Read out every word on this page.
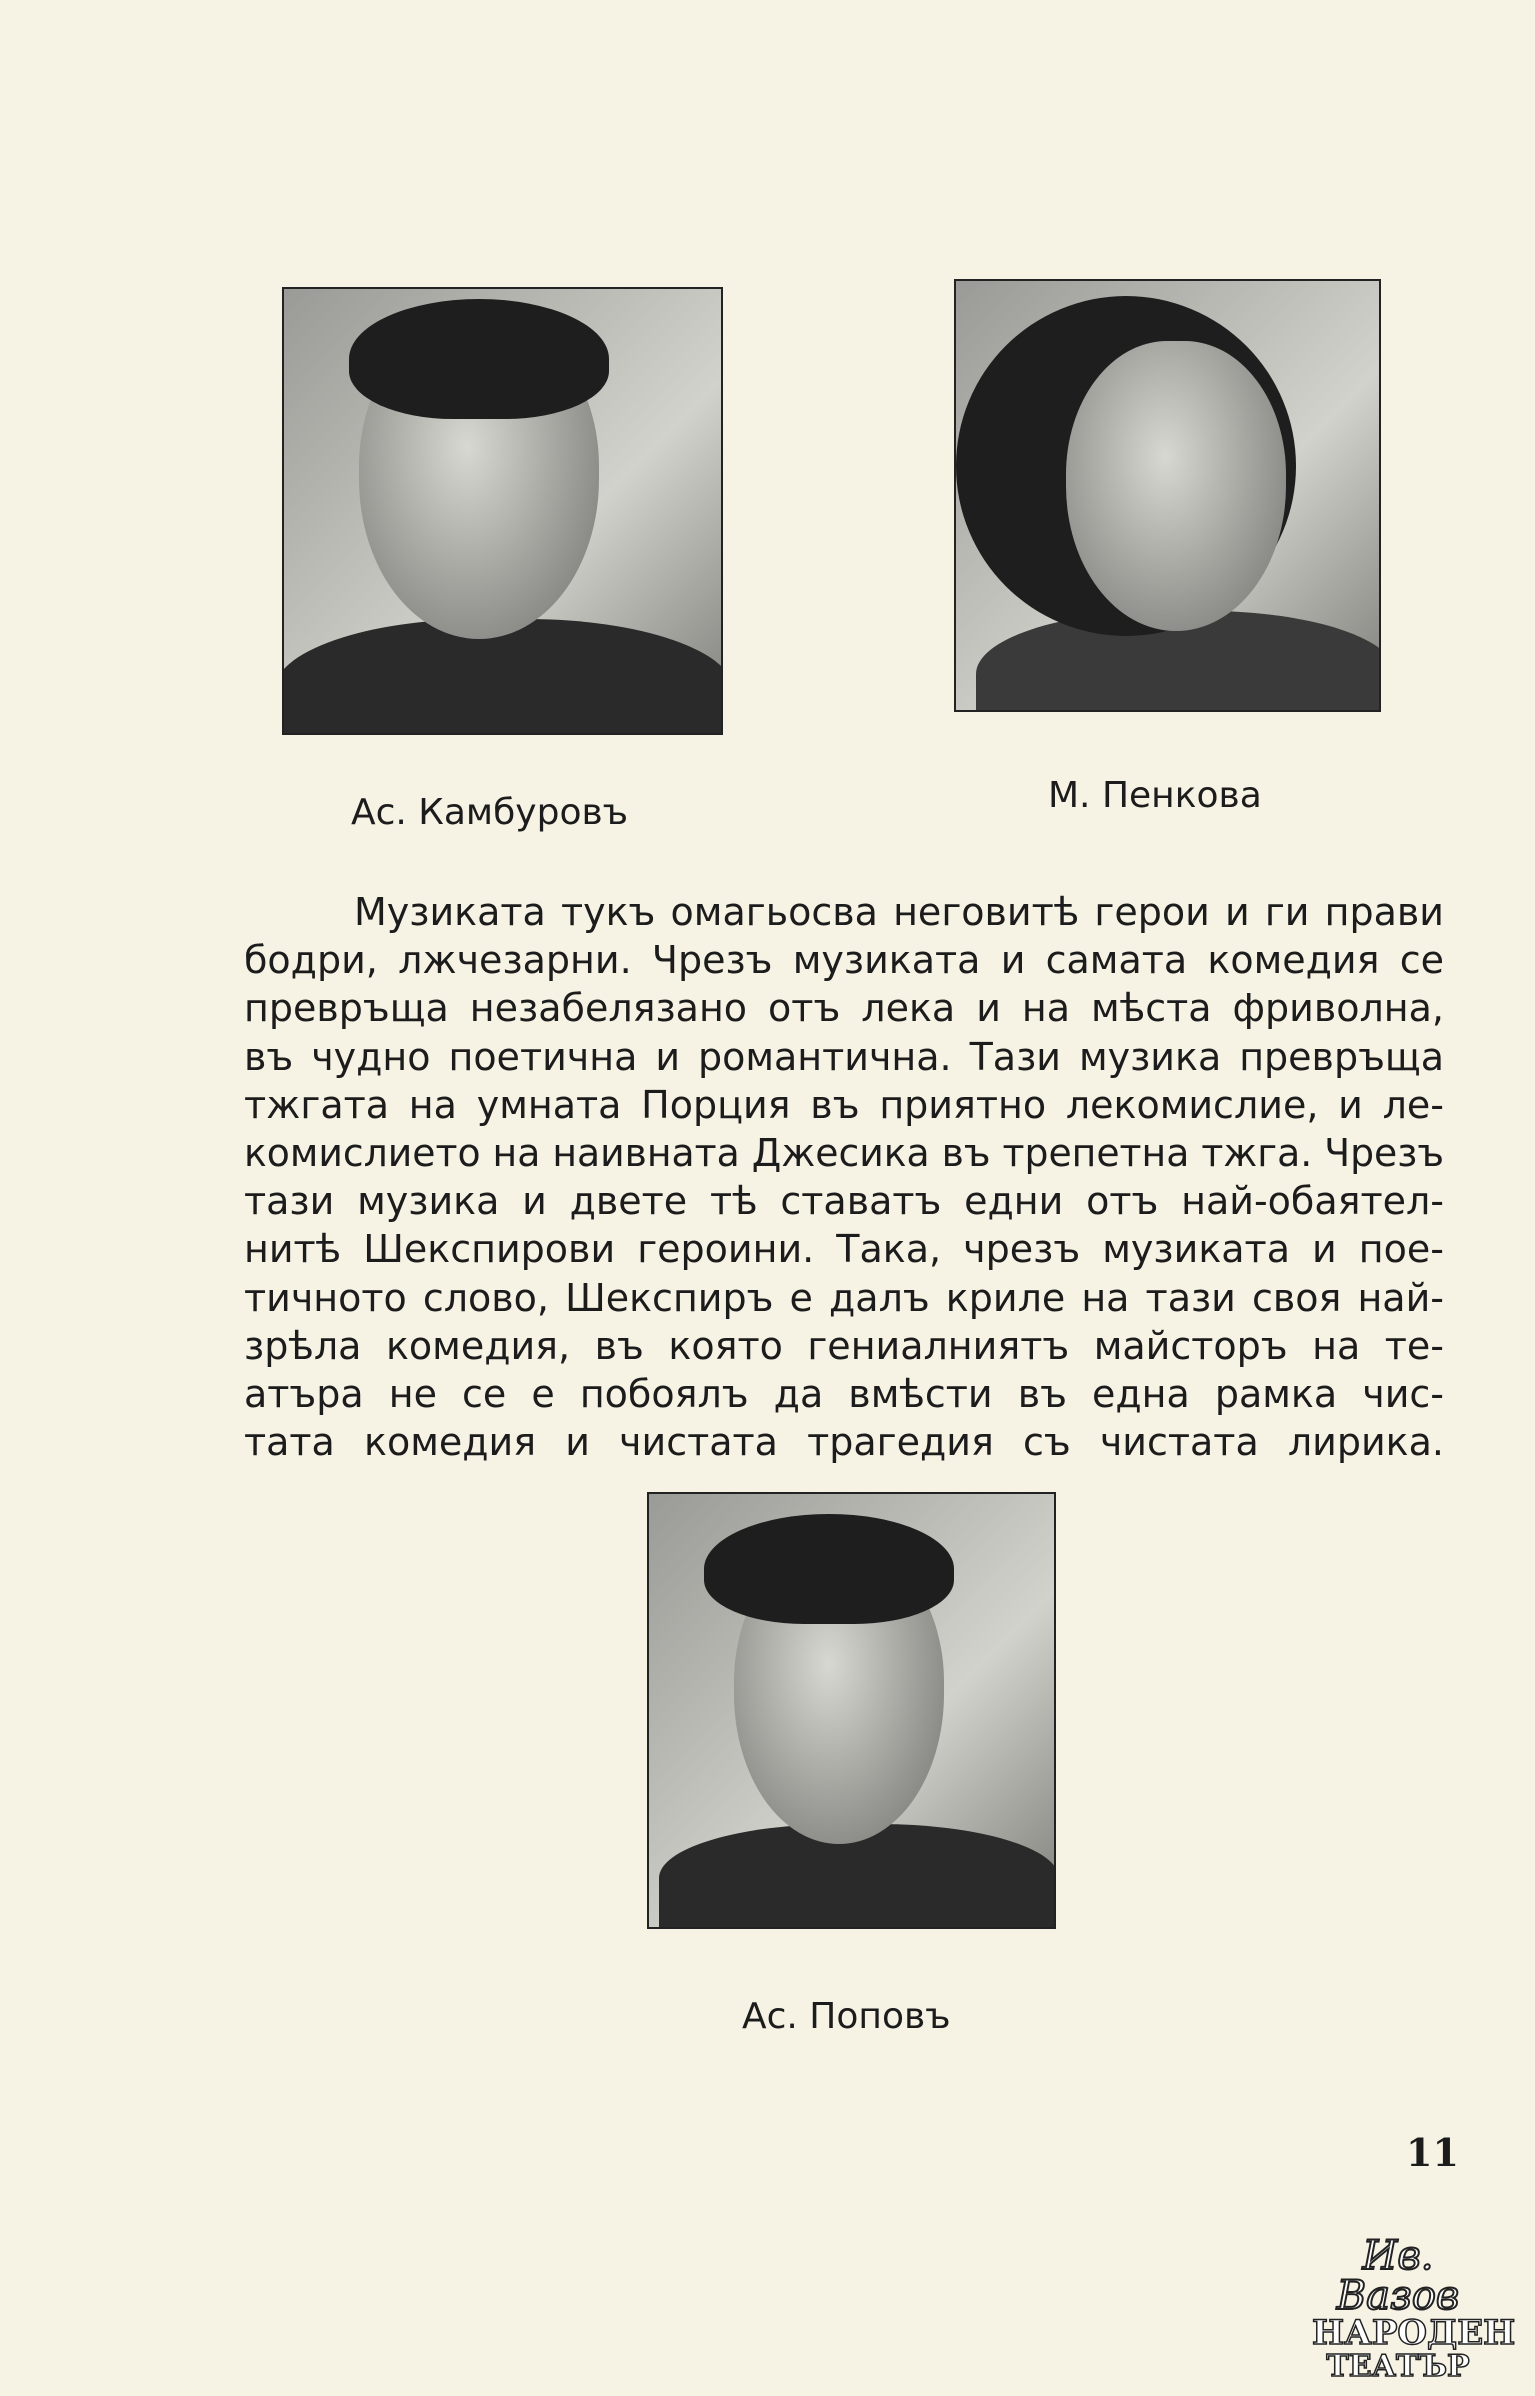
Ас. Камбуровъ	М. Пенкова
Музиката тукъ омагьосва неговитѣ герои и ги прави
бодри, лжчезарни. Чрезъ музиката и самата комедия се
превръща незабелязано отъ лека и на мѣста фриволна,
въ чудно поетична и романтична. Тази музика превръща
тжгата на умната Порция въ приятно лекомислие, и ле-
комислието на наивната Джесика въ трепетна тжга. Чрезъ
тази музика и двете тѣ ставатъ едни отъ най-обаятел-
нитѣ Шекспирови героини. Така, чрезъ музиката и пое-
тичното слово, Шекспиръ е далъ криле на тази своя най-
зрѣла комедия, въ която гениалниятъ майсторъ на те-
атъра не се е побоялъ да вмѣсти въ една рамка чис-
тата комедия и чистата трагедия съ чистата лирика.
Ас. Поповъ
11
Ив. Вазов
НАРОДЕН
ТЕАТЪР
